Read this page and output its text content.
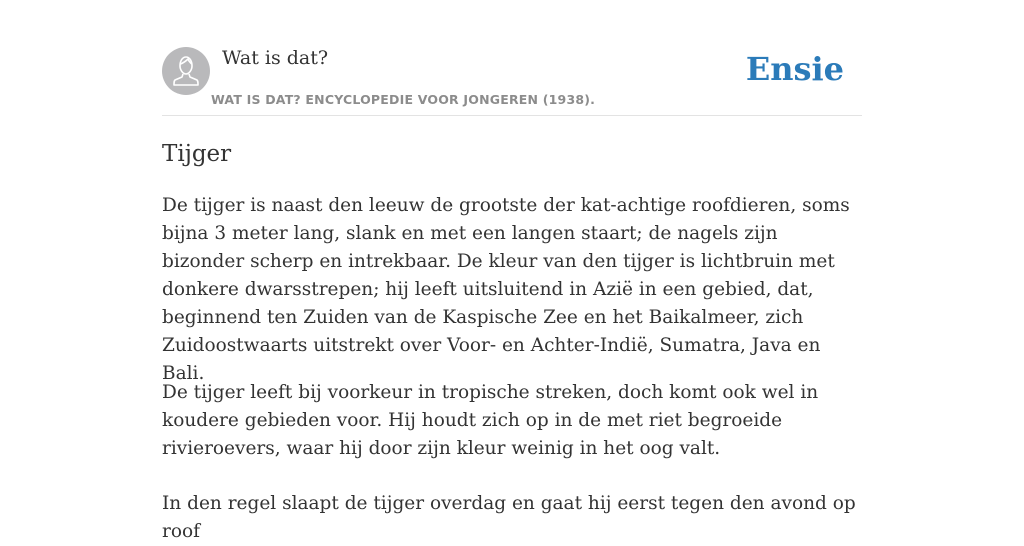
Wat is dat?
WAT IS DAT? ENCYCLOPEDIE VOOR JONGEREN (1938).
Ensie
Tijger

De tijger is naast den leeuw de grootste der kat-achtige roofdieren, soms bijna 3 meter lang, slank en met een langen staart; de nagels zijn bizonder scherp en intrekbaar. De kleur van den tijger is lichtbruin met donkere dwarsstrepen; hij leeft uitsluitend in Azië in een gebied, dat, beginnend ten Zuiden van de Kaspische Zee en het Baikalmeer, zich Zuidoostwaarts uitstrekt over Voor- en Achter-Indië, Sumatra, Java en Bali.

De tijger leeft bij voorkeur in tropische streken, doch komt ook wel in koudere gebieden voor. Hij houdt zich op in de met riet begroeide rivieroevers, waar hij door zijn kleur weinig in het oog valt.

In den regel slaapt de tijger overdag en gaat hij eerst tegen den avond op roof
